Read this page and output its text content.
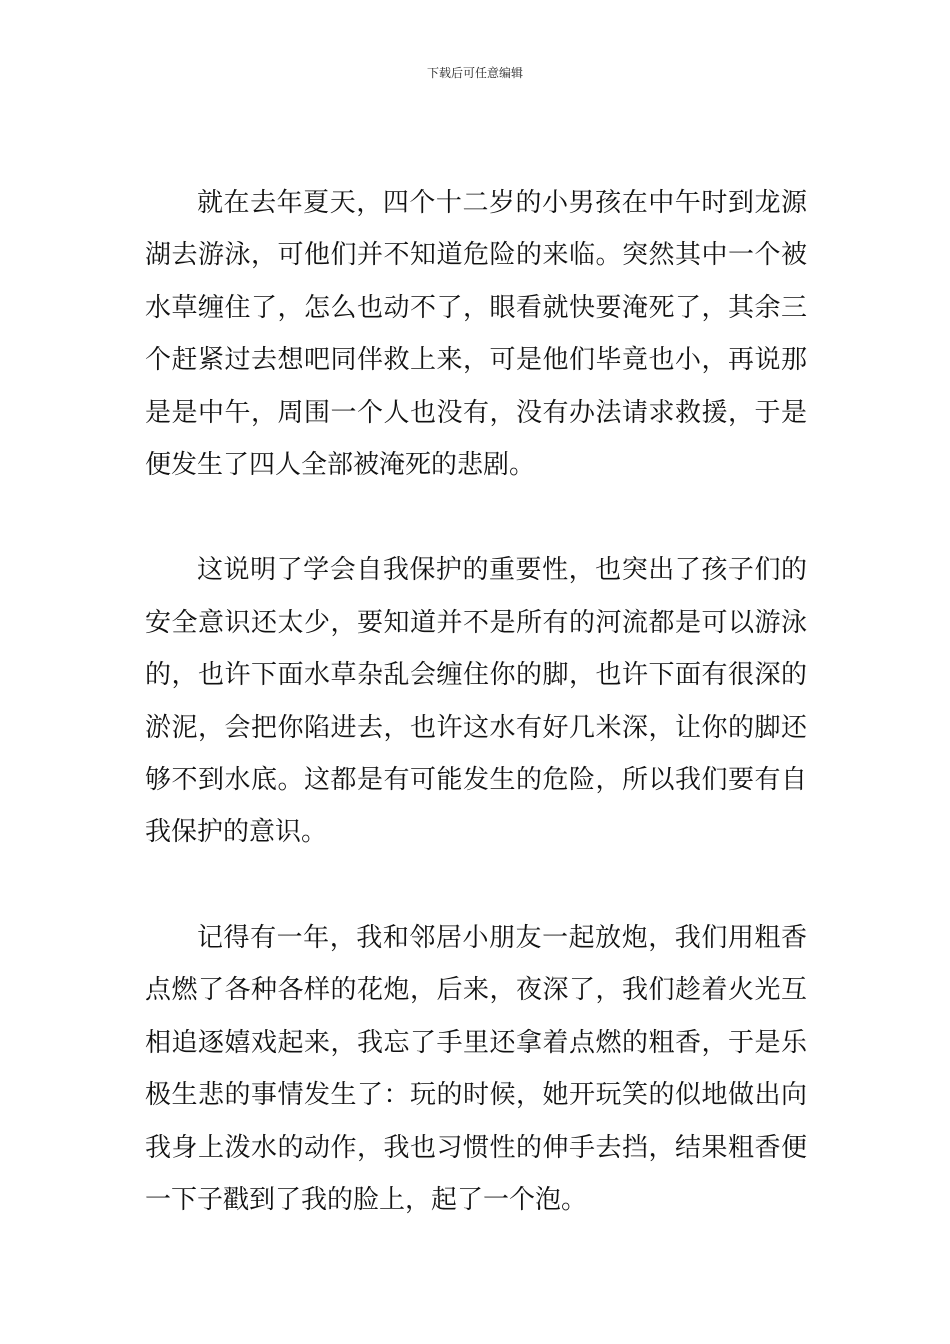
下载后可任意编辑

就在去年夏天，四个十二岁的小男孩在中午时到龙源湖去游泳，可他们并不知道危险的来临。突然其中一个被水草缠住了，怎么也动不了，眼看就快要淹死了，其余三个赶紧过去想吧同伴救上来，可是他们毕竟也小，再说那是是中午，周围一个人也没有，没有办法请求救援，于是便发生了四人全部被淹死的悲剧。

这说明了学会自我保护的重要性，也突出了孩子们的安全意识还太少，要知道并不是所有的河流都是可以游泳的，也许下面水草杂乱会缠住你的脚，也许下面有很深的淤泥，会把你陷进去，也许这水有好几米深，让你的脚还够不到水底。这都是有可能发生的危险，所以我们要有自我保护的意识。

记得有一年，我和邻居小朋友一起放炮，我们用粗香点燃了各种各样的花炮，后来，夜深了，我们趁着火光互相追逐嬉戏起来，我忘了手里还拿着点燃的粗香，于是乐极生悲的事情发生了：玩的时候，她开玩笑的似地做出向我身上泼水的动作，我也习惯性的伸手去挡，结果粗香便一下子戳到了我的脸上，起了一个泡。
